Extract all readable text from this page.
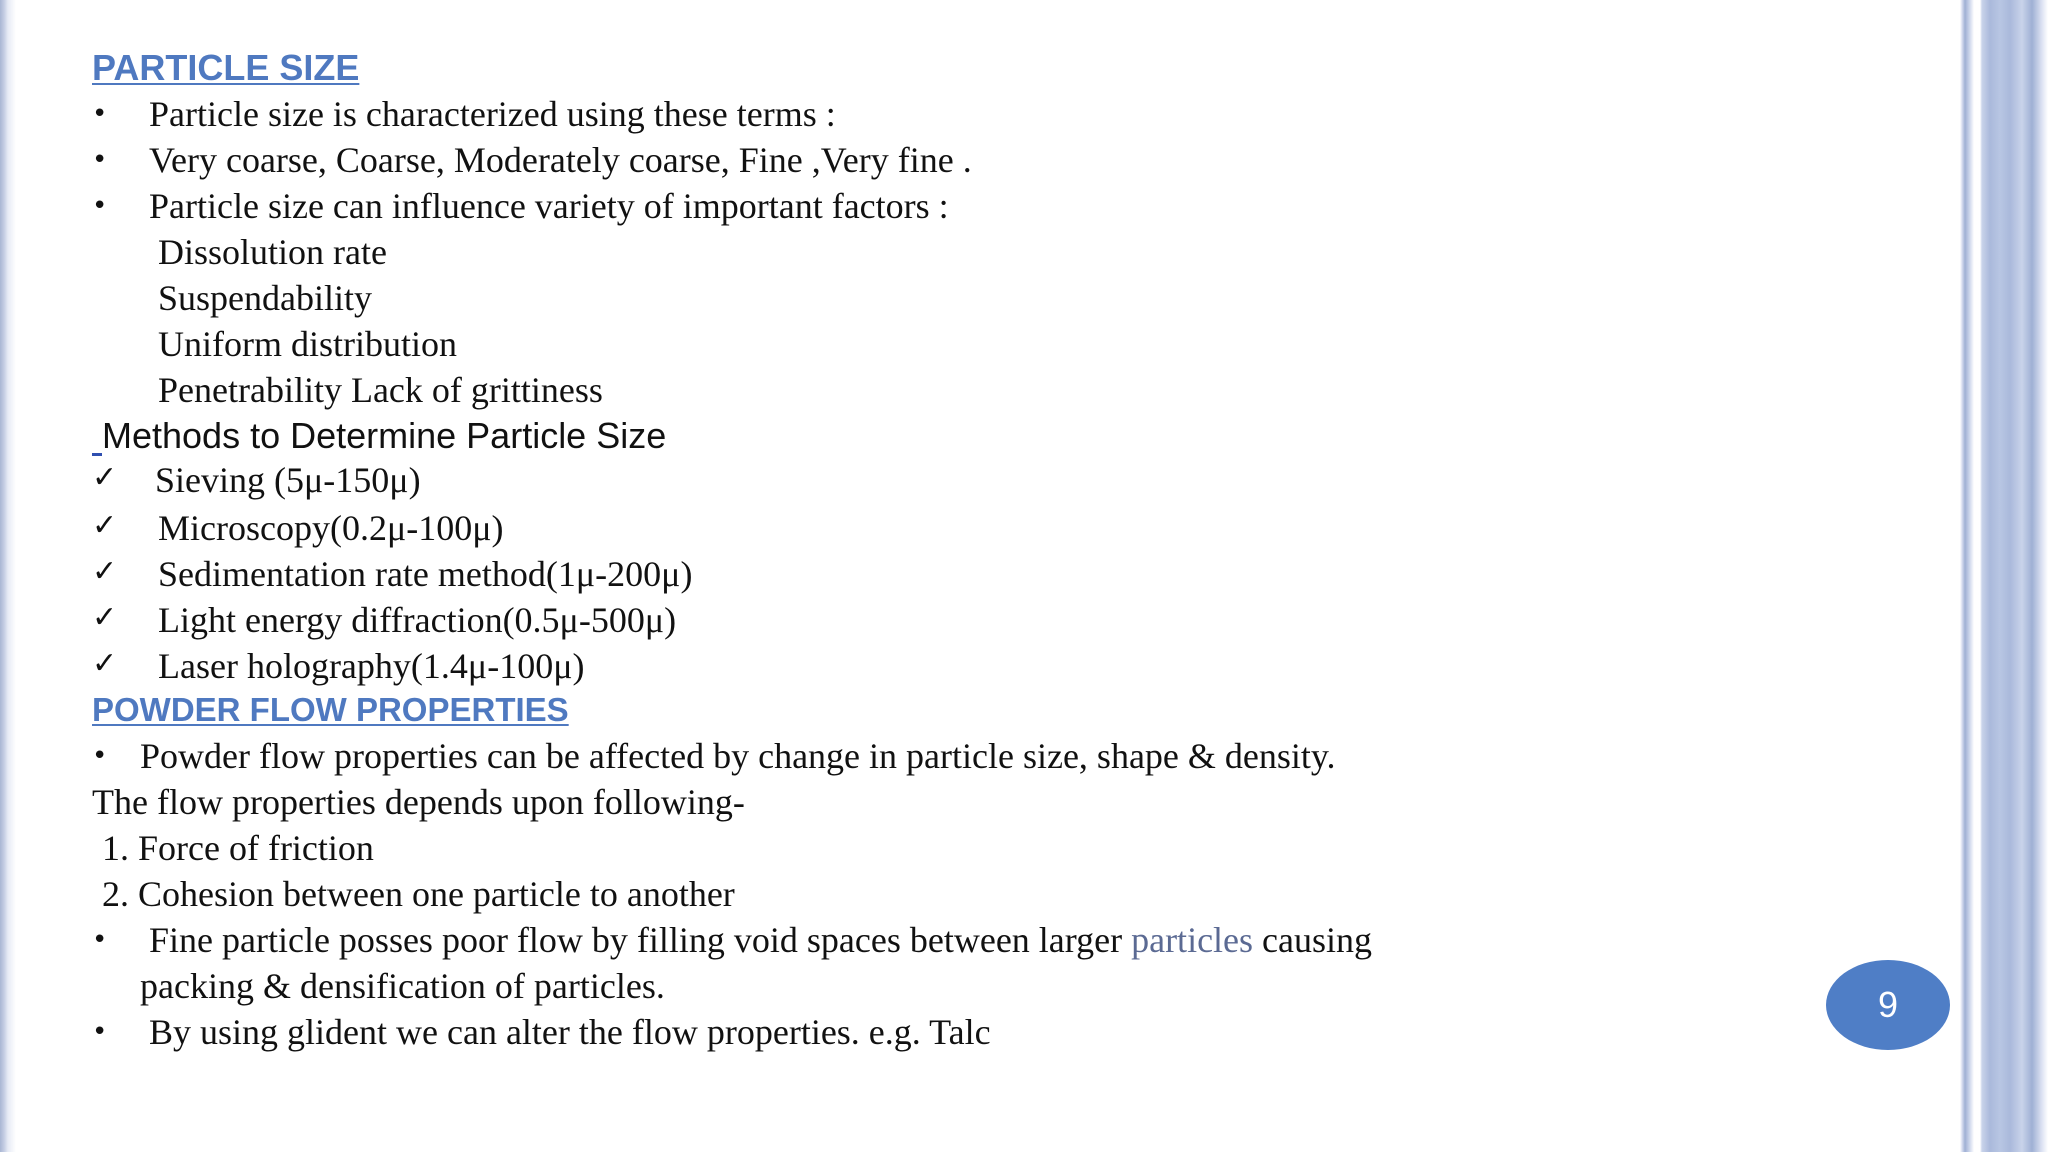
PARTICLE SIZE
• Particle size is characterized using these terms :
• Very coarse, Coarse, Moderately coarse, Fine ,Very fine .
• Particle size can influence variety of important factors :
Dissolution rate
Suspendability
Uniform distribution
Penetrability Lack of grittiness
Methods to Determine Particle Size
✓ Sieving (5μ-150μ)
✓ Microscopy(0.2μ-100μ)
✓ Sedimentation rate method(1μ-200μ)
✓ Light energy diffraction(0.5μ-500μ)
✓ Laser holography(1.4μ-100μ)
POWDER FLOW PROPERTIES
• Powder flow properties can be affected by change in particle size, shape & density.
The flow properties depends upon following-
1. Force of friction
2. Cohesion between one particle to another
• Fine particle posses poor flow by filling void spaces between larger particles causing
packing & densification of particles.
• By using glident we can alter the flow properties. e.g. Talc
9
